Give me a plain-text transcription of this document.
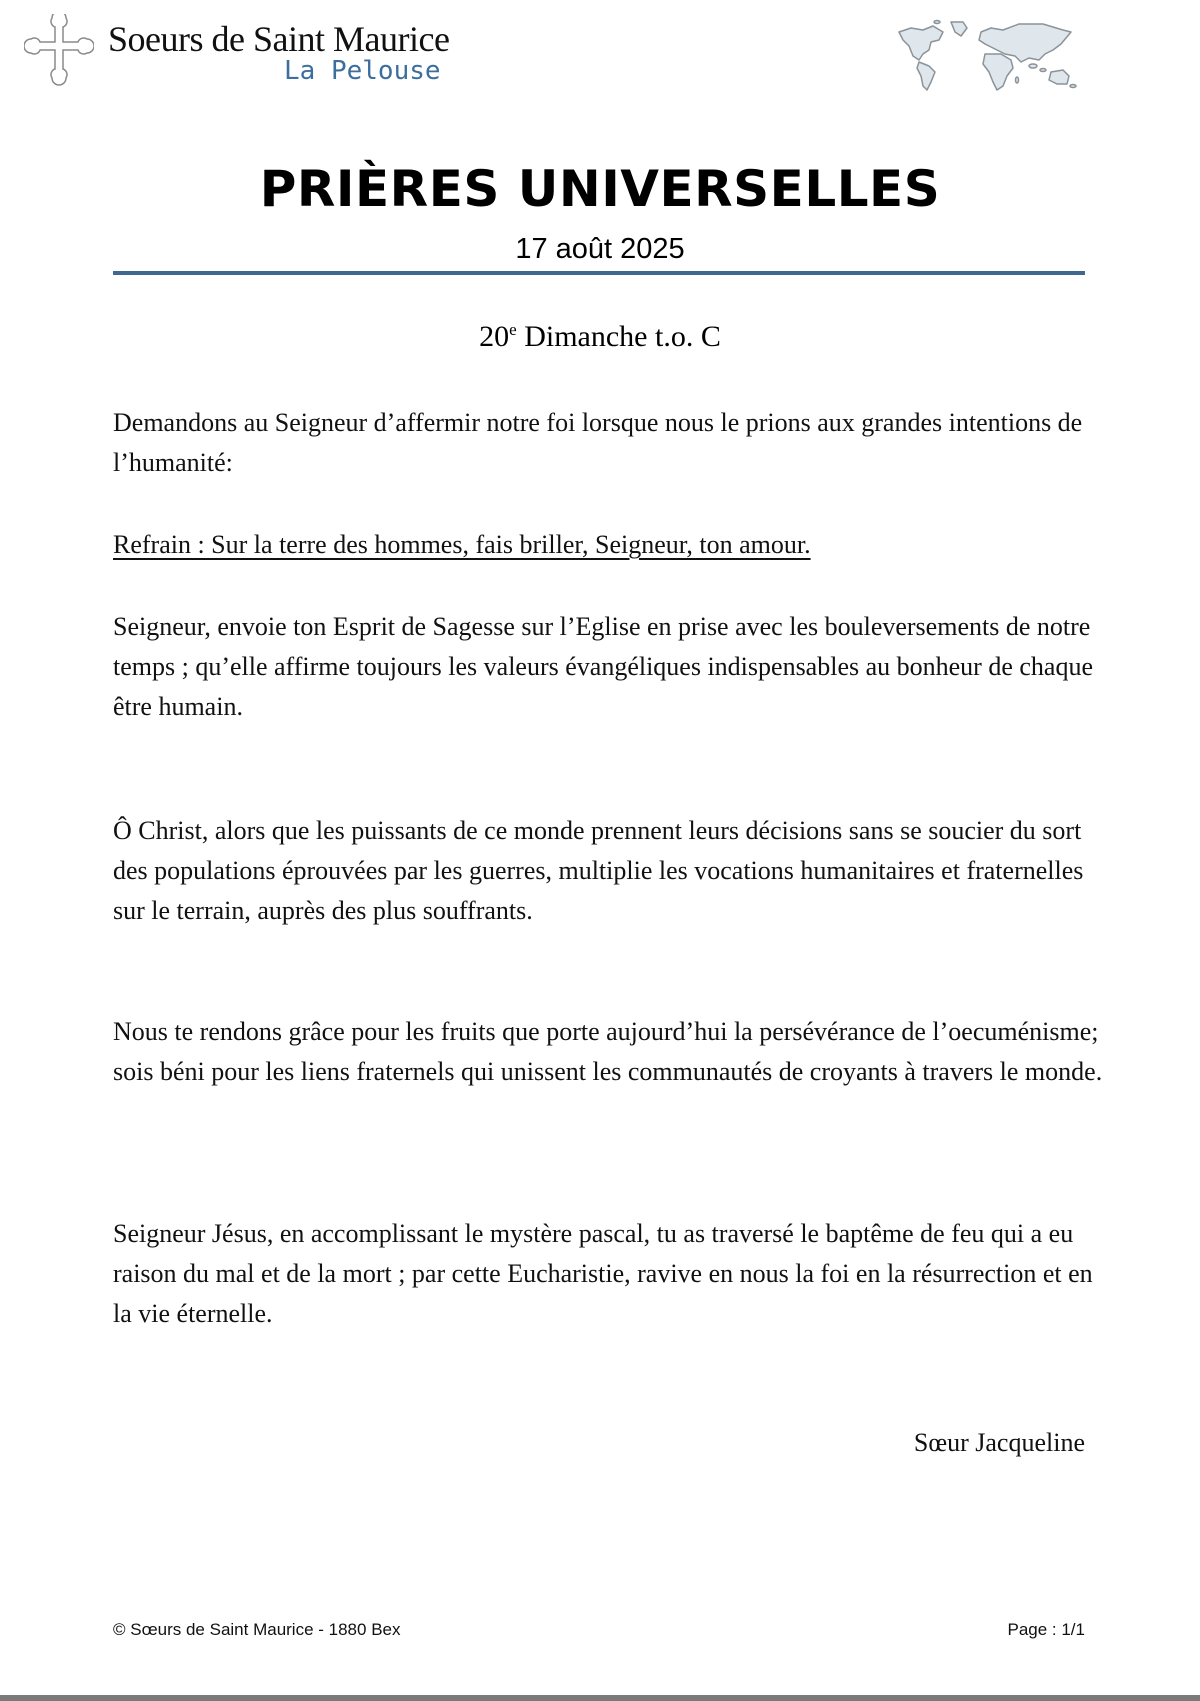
Soeurs de Saint Maurice
La Pelouse
PRIÈRES UNIVERSELLES
17 août 2025
20e Dimanche t.o. C
Demandons au Seigneur d’affermir notre foi lorsque nous le prions aux grandes intentions de l’humanité:
Refrain : Sur la terre des hommes, fais briller, Seigneur, ton amour.
Seigneur, envoie ton Esprit de Sagesse sur l’Eglise en prise avec les bouleversements de notre temps ; qu’elle affirme toujours les valeurs évangéliques indispensables au bonheur de chaque être humain.
Ô Christ, alors que les puissants de ce monde prennent leurs décisions sans se soucier du sort des populations éprouvées par les guerres, multiplie les vocations humanitaires et fraternelles sur le terrain, auprès des plus souffrants.
Nous te rendons grâce pour les fruits que porte aujourd’hui la persévérance de l’oecuménisme; sois béni pour les liens fraternels qui unissent les communautés de croyants à travers le monde.
Seigneur Jésus, en accomplissant le mystère pascal, tu as traversé le baptême de feu qui a eu raison du mal et de la mort ; par cette Eucharistie, ravive en nous la foi en la résurrection et en la vie éternelle.
Sœur Jacqueline
© Sœurs de Saint Maurice - 1880 Bex	Page : 1/1
